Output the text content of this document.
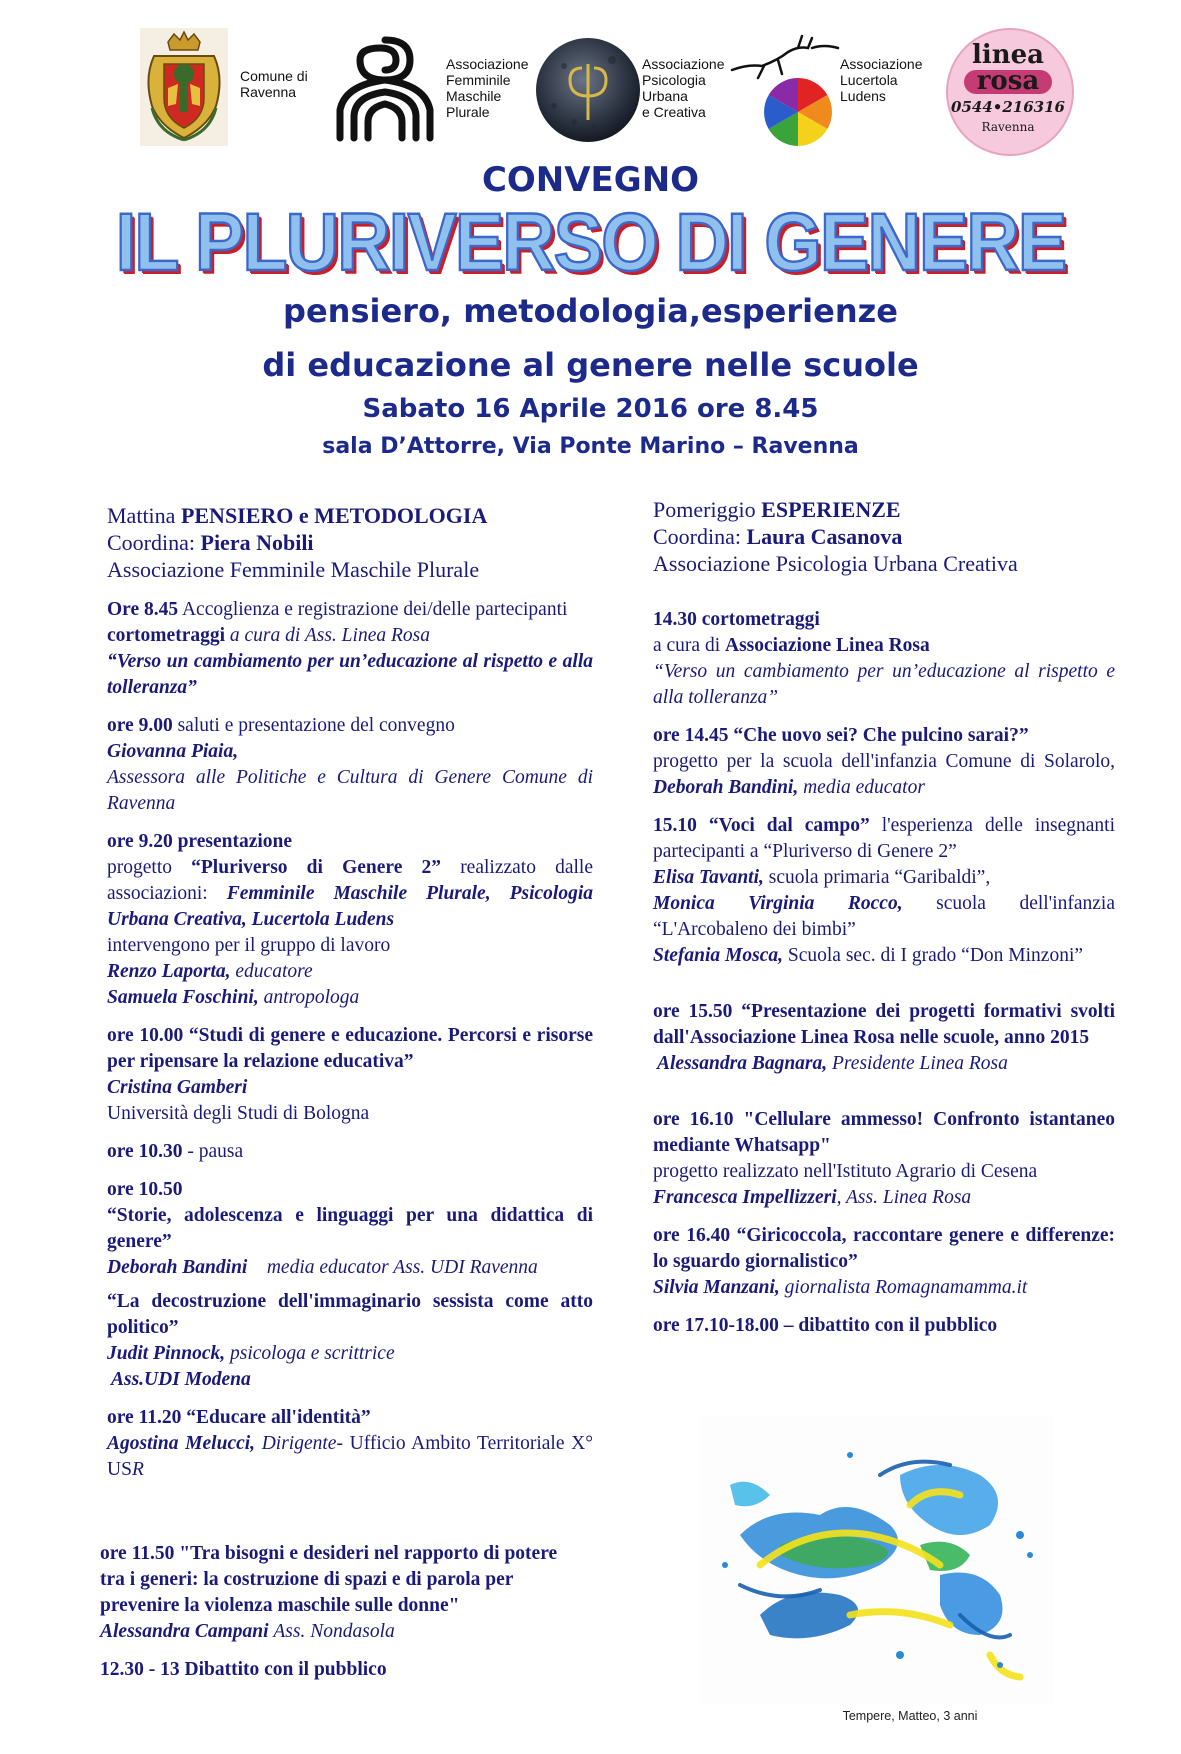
Comune di
Ravenna
Associazione
Femminile
Maschile
Plurale
Associazione
Psicologia
Urbana
e Creativa
Associazione
Lucertola
Ludens
linea
rosa
0544•216316
Ravenna
CONVEGNO
IL PLURIVERSO DI GENERE
pensiero, metodologia,esperienze
di educazione al genere nelle scuole
Sabato 16 Aprile 2016 ore 8.45
sala D’Attorre, Via Ponte Marino – Ravenna

Mattina PENSIERO e METODOLOGIA

Coordina: Piera Nobili

Associazione Femminile Maschile Plurale

Ore 8.45 Accoglienza e registrazione dei/delle partecipanti
cortometraggi a cura di Ass. Linea Rosa
“Verso un cambiamento per un’educazione al rispetto e alla tolleranza”
ore 9.00 saluti e presentazione del convegno
Giovanna Piaia,
Assessora alle Politiche e Cultura di Genere Comune di Ravenna
ore 9.20 presentazione
progetto “Pluriverso di Genere 2” realizzato dalle associazioni: Femminile Maschile Plurale, Psicologia Urbana Creativa, Lucertola Ludens
intervengono per il gruppo di lavoro
Renzo Laporta, educatore
Samuela Foschini, antropologa
ore 10.00 “Studi di genere e educazione. Percorsi e risorse per ripensare la relazione educativa”
Cristina Gamberi
Università degli Studi di Bologna
ore 10.30 - pausa
ore 10.50
“Storie, adolescenza e linguaggi per una didattica di genere”
Deborah Bandini media educator Ass. UDI Ravenna
“La decostruzione dell'immaginario sessista come atto politico”
Judit Pinnock, psicologa e scrittrice
Ass.UDI Modena
ore 11.20 “Educare all'identità”
Agostina Melucci, Dirigente- Ufficio Ambito Territoriale X° USR
ore 11.50 "Tra bisogni e desideri nel rapporto di potere tra i generi: la costruzione di spazi e di parola per prevenire la violenza maschile sulle donne"
Alessandra Campani Ass. Nondasola
12.30 - 13 Dibattito con il pubblico

Pomeriggio ESPERIENZE

Coordina: Laura Casanova

Associazione Psicologia Urbana Creativa

14.30 cortometraggi
a cura di Associazione Linea Rosa
“Verso un cambiamento per un’educazione al rispetto e alla tolleranza”
ore 14.45 “Che uovo sei? Che pulcino sarai?”
progetto per la scuola dell'infanzia Comune di Solarolo, Deborah Bandini, media educator
15.10 “Voci dal campo” l'esperienza delle insegnanti partecipanti a “Pluriverso di Genere 2”
Elisa Tavanti, scuola primaria “Garibaldi”,
Monica Virginia Rocco, scuola dell'infanzia “L'Arcobaleno dei bimbi”
Stefania Mosca, Scuola sec. di I grado “Don Minzoni”
ore 15.50 “Presentazione dei progetti formativi svolti dall'Associazione Linea Rosa nelle scuole, anno 2015
Alessandra Bagnara, Presidente Linea Rosa
ore 16.10 "Cellulare ammesso! Confronto istantaneo mediante Whatsapp"
progetto realizzato nell'Istituto Agrario di Cesena
Francesca Impellizzeri, Ass. Linea Rosa
ore 16.40 “Giricoccola, raccontare genere e differenze: lo sguardo giornalistico”
Silvia Manzani, giornalista Romagnamamma.it
ore 17.10-18.00 – dibattito con il pubblico
Tempere, Matteo, 3 anni
